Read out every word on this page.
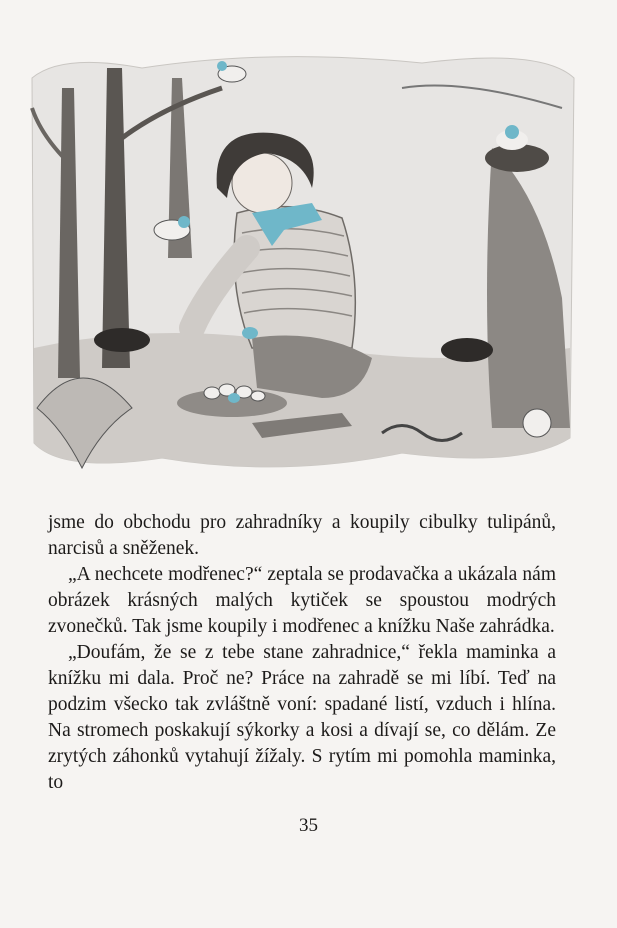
jsme do obchodu pro zahradníky a koupily cibulky tulipánů, narcisů a sněženek.

„A nechcete modřenec?“ zeptala se prodavačka a ukázala nám obrázek krásných malých kytiček se spoustou modrých zvonečků. Tak jsme koupily i modřenec a knížku Naše zahrádka.

„Doufám, že se z tebe stane zahradnice,“ řekla maminka a knížku mi dala. Proč ne? Práce na zahradě se mi líbí. Teď na podzim všecko tak zvláštně voní: spadané listí, vzduch i hlína. Na stromech poskakují sýkorky a kosi a dívají se, co dělám. Ze zrytých záhonků vytahují žížaly. S rytím mi pomohla maminka, to

35
